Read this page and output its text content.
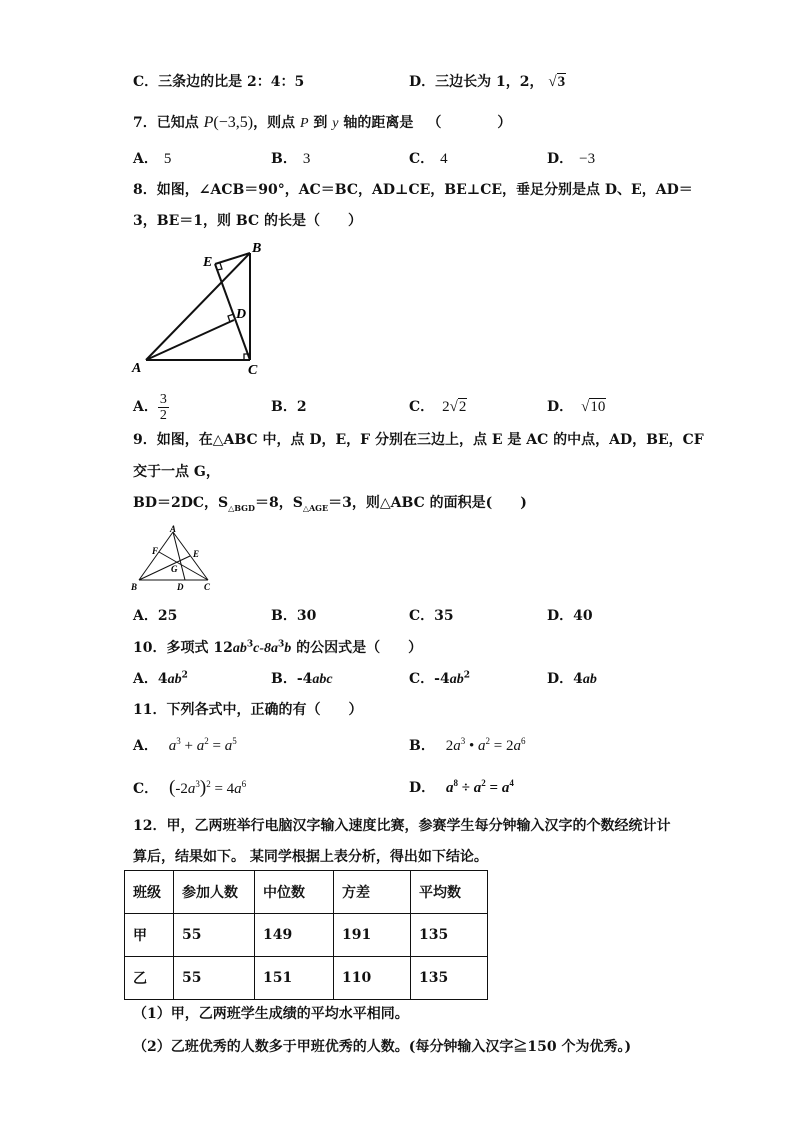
C．三条边的比是 2：4：5	D．三边长为 1，2， √3
7．已知点 P(−3,5)，则点 P 到 y 轴的距离是 （　　　　）
A． 5	B． 3	C． 4	D． −3
8．如图，∠ACB＝90°，AC＝BC，AD⊥CE，BE⊥CE，垂足分别是点 D、E，AD＝
3，BE＝1，则 BC 的长是（　　）
A
B
C
D
E
A． $\frac{3}{2}$	B．2	C． 2√2	D． √10
9．如图，在△ABC 中，点 D，E，F 分别在三边上，点 E 是 AC 的中点，AD，BE，CF
交于一点 G，
BD＝2DC，$S_{\triangle BGD}=8$，$S_{\triangle AGE}=3$，则△ABC 的面积是(　　)
A
B	C
D
E
F
G
A．25	B．30	C．35	D．40
10．多项式 $12ab^3c-8a^3b$ 的公因式是（　　）
A．$4ab^2$	B．-4abc	C．$-4ab^2$	D．4ab
11．下列各式中，正确的有（　　）
A． $a^3 + a^2 = a^5$	B． $2a^3$ • $a^2 = 2a^6$
C． $(-2a^3)^2 = 4a^6$	D． $a^8 \div a^2 = a^4$
12．甲，乙两班举行电脑汉字输入速度比赛，参赛学生每分钟输入汉字的个数经统计计
算后，结果如下。 某同学根据上表分析，得出如下结论。
班级	参加人数	中位数	方差	平均数
甲	55	149	191	135
乙	55	151	110	135
（1）甲，乙两班学生成绩的平均水平相同。
（2）乙班优秀的人数多于甲班优秀的人数。(每分钟输入汉字≧150 个为优秀。)
